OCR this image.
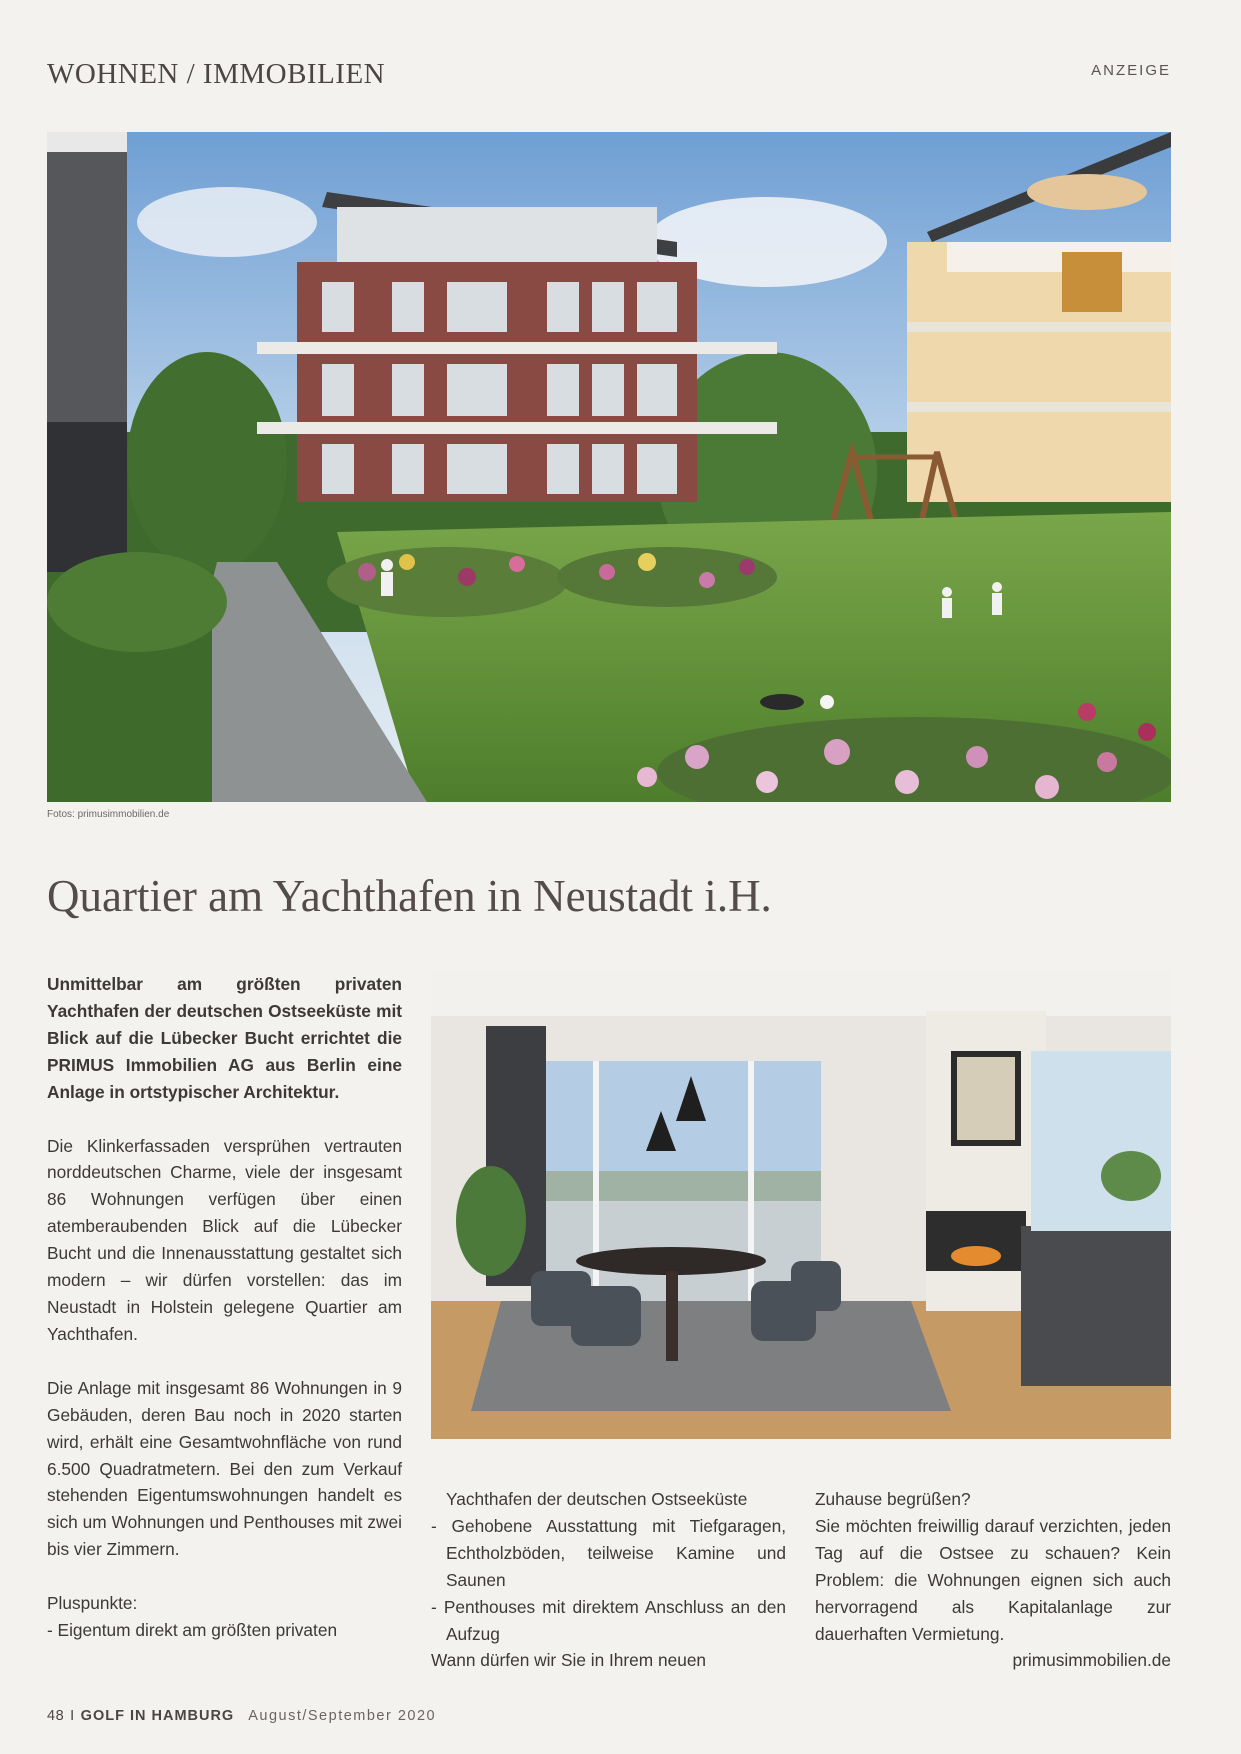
WOHNEN / IMMOBILIEN	ANZEIGE
Fotos: primusimmobilien.de
Quartier am Yachthafen in Neustadt i.H.

Unmittelbar am größten privaten Yachthafen der deutschen Ostseeküste mit Blick auf die Lübecker Bucht errichtet die PRIMUS Immobilien AG aus Berlin eine Anlage in ortstypischer Architektur.

Die Klinkerfassaden versprühen vertrauten norddeutschen Charme, viele der insgesamt 86 Wohnungen verfügen über einen atemberaubenden Blick auf die Lübecker Bucht und die Innenausstattung gestaltet sich modern – wir dürfen vorstellen: das im Neustadt in Holstein gelegene Quartier am Yachthafen.

Die Anlage mit insgesamt 86 Wohnungen in 9 Gebäuden, deren Bau noch in 2020 starten wird, erhält eine Gesamtwohnfläche von rund 6.500 Quadratmetern. Bei den zum Verkauf stehenden Eigentumswohnungen handelt es sich um Wohnungen und Penthouses mit zwei bis vier Zimmern.

Pluspunkte:

- Eigentum direkt am größten privaten

Yachthafen der deutschen Ostseeküste

- Gehobene Ausstattung mit Tiefgaragen, Echtholzböden, teilweise Kamine und Saunen

- Penthouses mit direktem Anschluss an den Aufzug

Wann dürfen wir Sie in Ihrem neuen

Zuhause begrüßen?

Sie möchten freiwillig darauf verzichten, jeden Tag auf die Ostsee zu schauen? Kein Problem: die Wohnungen eignen sich auch hervorragend als Kapitalanlage zur dauerhaften Vermietung.

primusimmobilien.de

48 I GOLF IN HAMBURG August/September 2020
